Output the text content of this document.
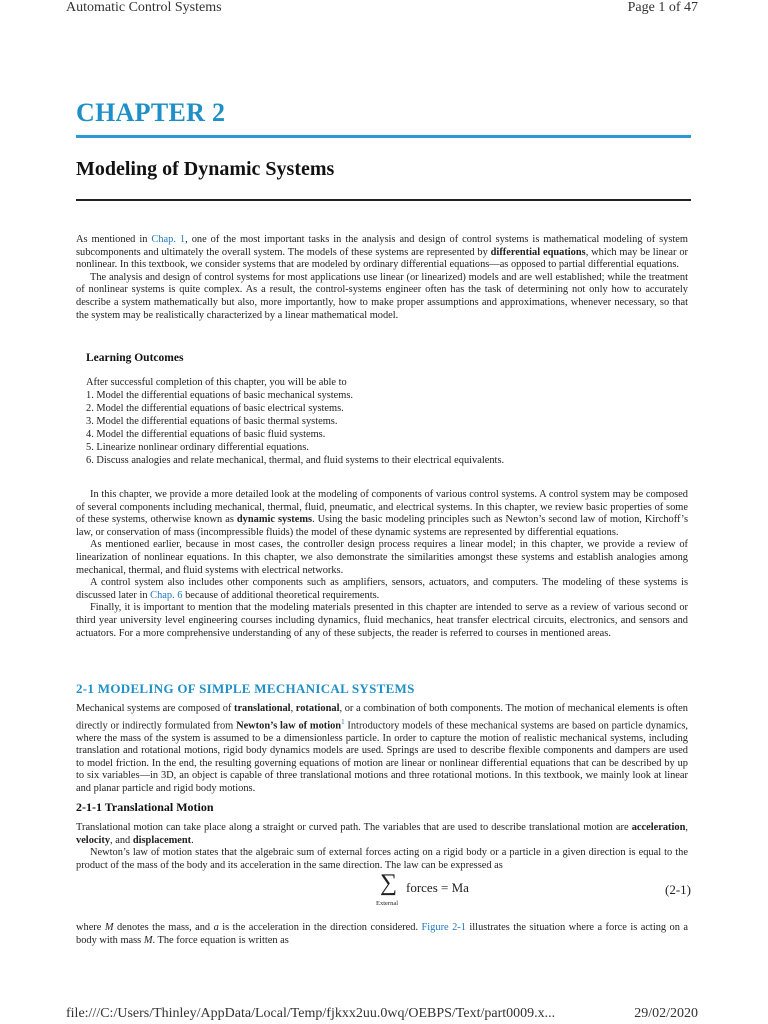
Automatic Control Systems	Page 1 of 47
CHAPTER 2
Modeling of Dynamic Systems

As mentioned in Chap. 1, one of the most important tasks in the analysis and design of control systems is mathematical modeling of system subcomponents and ultimately the overall system. The models of these systems are represented by differential equations, which may be linear or nonlinear. In this textbook, we consider systems that are modeled by ordinary differential equations—as opposed to partial differential equations.

The analysis and design of control systems for most applications use linear (or linearized) models and are well established; while the treatment of nonlinear systems is quite complex. As a result, the control-systems engineer often has the task of determining not only how to accurately describe a system mathematically but also, more importantly, how to make proper assumptions and approximations, whenever necessary, so that the system may be realistically characterized by a linear mathematical model.

Learning Outcomes
After successful completion of this chapter, you will be able to
1. Model the differential equations of basic mechanical systems.
2. Model the differential equations of basic electrical systems.
3. Model the differential equations of basic thermal systems.
4. Model the differential equations of basic fluid systems.
5. Linearize nonlinear ordinary differential equations.
6. Discuss analogies and relate mechanical, thermal, and fluid systems to their electrical equivalents.

In this chapter, we provide a more detailed look at the modeling of components of various control systems. A control system may be composed of several components including mechanical, thermal, fluid, pneumatic, and electrical systems. In this chapter, we review basic properties of some of these systems, otherwise known as dynamic systems. Using the basic modeling principles such as Newton’s second law of motion, Kirchoff’s law, or conservation of mass (incompressible fluids) the model of these dynamic systems are represented by differential equations.

As mentioned earlier, because in most cases, the controller design process requires a linear model; in this chapter, we provide a review of linearization of nonlinear equations. In this chapter, we also demonstrate the similarities amongst these systems and establish analogies among mechanical, thermal, and fluid systems with electrical networks.

A control system also includes other components such as amplifiers, sensors, actuators, and computers. The modeling of these systems is discussed later in Chap. 6 because of additional theoretical requirements.

Finally, it is important to mention that the modeling materials presented in this chapter are intended to serve as a review of various second or third year university level engineering courses including dynamics, fluid mechanics, heat transfer electrical circuits, electronics, and sensors and actuators. For a more comprehensive understanding of any of these subjects, the reader is referred to courses in mentioned areas.

2-1 MODELING OF SIMPLE MECHANICAL SYSTEMS

Mechanical systems are composed of translational, rotational, or a combination of both components. The motion of mechanical elements is often directly or indirectly formulated from Newton’s law of motion$^1$ Introductory models of these mechanical systems are based on particle dynamics, where the mass of the system is assumed to be a dimensionless particle. In order to capture the motion of realistic mechanical systems, including translation and rotational motions, rigid body dynamics models are used. Springs are used to describe flexible components and dampers are used to model friction. In the end, the resulting governing equations of motion are linear or nonlinear differential equations that can be described by up to six variables—in 3D, an object is capable of three translational motions and three rotational motions. In this textbook, we mainly look at linear and planar particle and rigid body motions.

2-1-1 Translational Motion

Translational motion can take place along a straight or curved path. The variables that are used to describe translational motion are acceleration, velocity, and displacement.

Newton’s law of motion states that the algebraic sum of external forces acting on a rigid body or a particle in a given direction is equal to the product of the mass of the body and its acceleration in the same direction. The law can be expressed as

∑
External
forces = Ma	(2-1)

where M denotes the mass, and a is the acceleration in the direction considered. Figure 2-1 illustrates the situation where a force is acting on a body with mass M. The force equation is written as

file:///C:/Users/Thinley/AppData/Local/Temp/fjkxx2uu.0wq/OEBPS/Text/part0009.x...	29/02/2020
